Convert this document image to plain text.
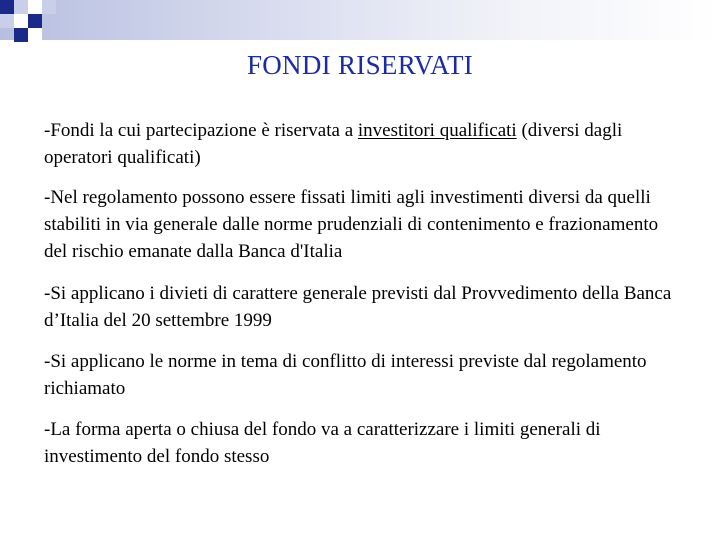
FONDI RISERVATI

-Fondi la cui partecipazione è riservata a investitori qualificati (diversi dagli operatori qualificati)

-Nel regolamento possono essere fissati limiti agli investimenti diversi da quelli stabiliti in via generale dalle norme prudenziali di contenimento e frazionamento del rischio emanate dalla Banca d'Italia

-Si applicano i divieti di carattere generale previsti dal Provvedimento della Banca d’Italia del 20 settembre 1999

-Si applicano le norme in tema di conflitto di interessi previste dal regolamento richiamato

-La forma aperta o chiusa del fondo va a caratterizzare i limiti generali di investimento del fondo stesso
